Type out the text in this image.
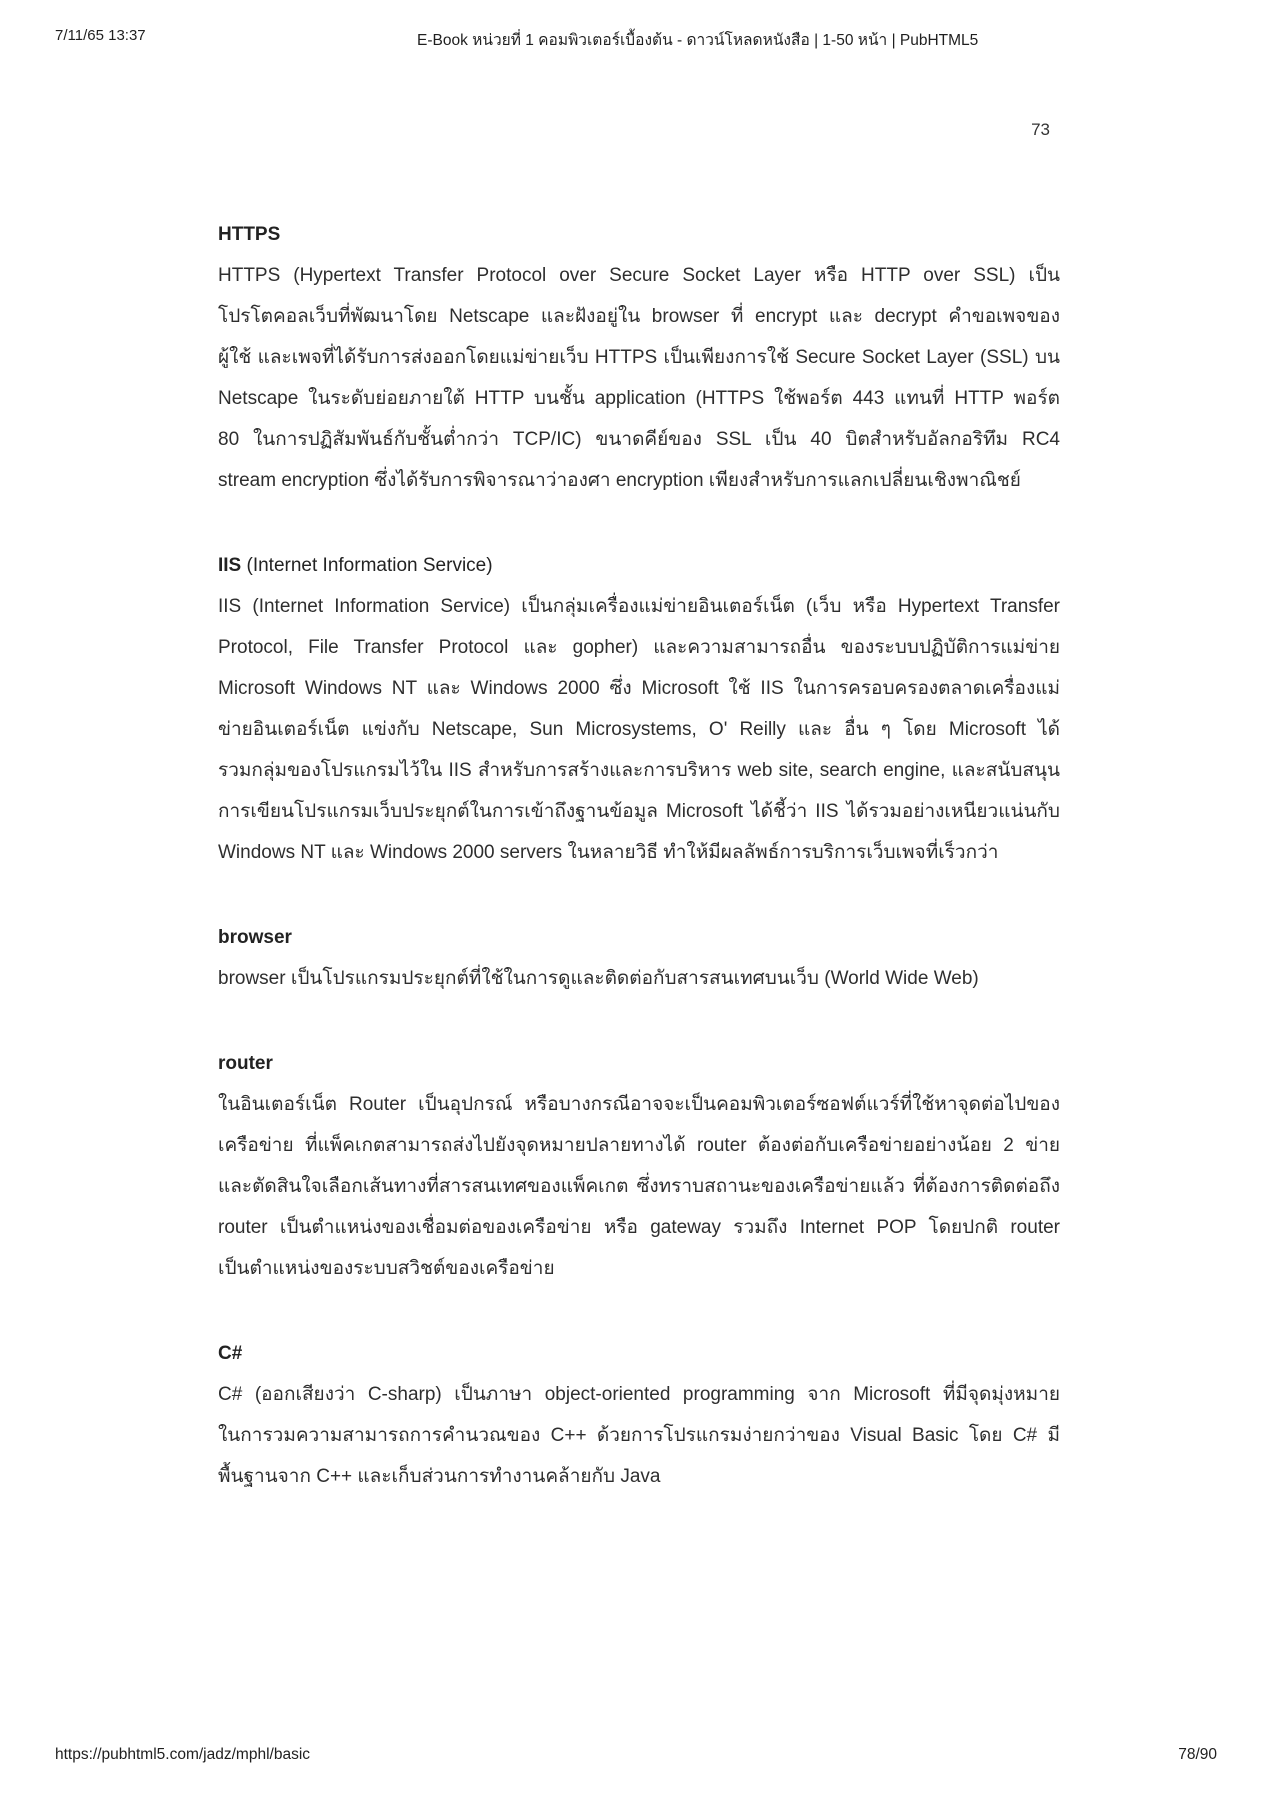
7/11/65 13:37	E-Book หน่วยที่ 1 คอมพิวเตอร์เบื้องต้น - ดาวน์โหลดหนังสือ | 1-50 หน้า | PubHTML5
73
HTTPS
HTTPS (Hypertext Transfer Protocol over Secure Socket Layer หรือ HTTP over SSL) เป็น
โปรโตคอลเว็บที่พัฒนาโดย Netscape และฝังอยู่ใน browser ที่ encrypt และ decrypt คำขอเพจของ
ผู้ใช้ และเพจที่ได้รับการส่งออกโดยแม่ข่ายเว็บ HTTPS เป็นเพียงการใช้ Secure Socket Layer (SSL) บน
Netscape ในระดับย่อยภายใต้ HTTP บนชั้น application (HTTPS ใช้พอร์ต 443 แทนที่ HTTP พอร์ต
80 ในการปฏิสัมพันธ์กับชั้นต่ำกว่า TCP/IC) ขนาดคีย์ของ SSL เป็น 40 บิตสำหรับอัลกอริทึม RC4
stream encryption ซึ่งได้รับการพิจารณาว่าองศา encryption เพียงสำหรับการแลกเปลี่ยนเชิงพาณิชย์
IIS (Internet Information Service)
IIS (Internet Information Service) เป็นกลุ่มเครื่องแม่ข่ายอินเตอร์เน็ต (เว็บ หรือ Hypertext Transfer
Protocol, File Transfer Protocol และ gopher) และความสามารถอื่น ของระบบปฏิบัติการแม่ข่าย
Microsoft Windows NT และ Windows 2000 ซึ่ง Microsoft ใช้ IIS ในการครอบครองตลาดเครื่องแม่
ข่ายอินเตอร์เน็ต แข่งกับ Netscape, Sun Microsystems, O' Reilly และ อื่น ๆ โดย Microsoft ได้
รวมกลุ่มของโปรแกรมไว้ใน IIS สำหรับการสร้างและการบริหาร web site, search engine, และสนับสนุน
การเขียนโปรแกรมเว็บประยุกต์ในการเข้าถึงฐานข้อมูล Microsoft ได้ชี้ว่า IIS ได้รวมอย่างเหนียวแน่นกับ
Windows NT และ Windows 2000 servers ในหลายวิธี ทำให้มีผลลัพธ์การบริการเว็บเพจที่เร็วกว่า
browser
browser เป็นโปรแกรมประยุกต์ที่ใช้ในการดูและติดต่อกับสารสนเทศบนเว็บ (World Wide Web)
router
ในอินเตอร์เน็ต Router เป็นอุปกรณ์ หรือบางกรณีอาจจะเป็นคอมพิวเตอร์ซอฟต์แวร์ที่ใช้หาจุดต่อไปของ
เครือข่าย ที่แพ็คเกตสามารถส่งไปยังจุดหมายปลายทางได้ router ต้องต่อกับเครือข่ายอย่างน้อย 2 ข่าย
และตัดสินใจเลือกเส้นทางที่สารสนเทศของแพ็คเกต ซึ่งทราบสถานะของเครือข่ายแล้ว ที่ต้องการติดต่อถึง
router เป็นตำแหน่งของเชื่อมต่อของเครือข่าย หรือ gateway รวมถึง Internet POP โดยปกติ router
เป็นตำแหน่งของระบบสวิชต์ของเครือข่าย
C#
C# (ออกเสียงว่า C-sharp) เป็นภาษา object-oriented programming จาก Microsoft ที่มีจุดมุ่งหมาย
ในการวมความสามารถการคำนวณของ C++ ด้วยการโปรแกรมง่ายกว่าของ Visual Basic โดย C# มี
พื้นฐานจาก C++ และเก็บส่วนการทำงานคล้ายกับ Java
https://pubhtml5.com/jadz/mphl/basic	78/90
